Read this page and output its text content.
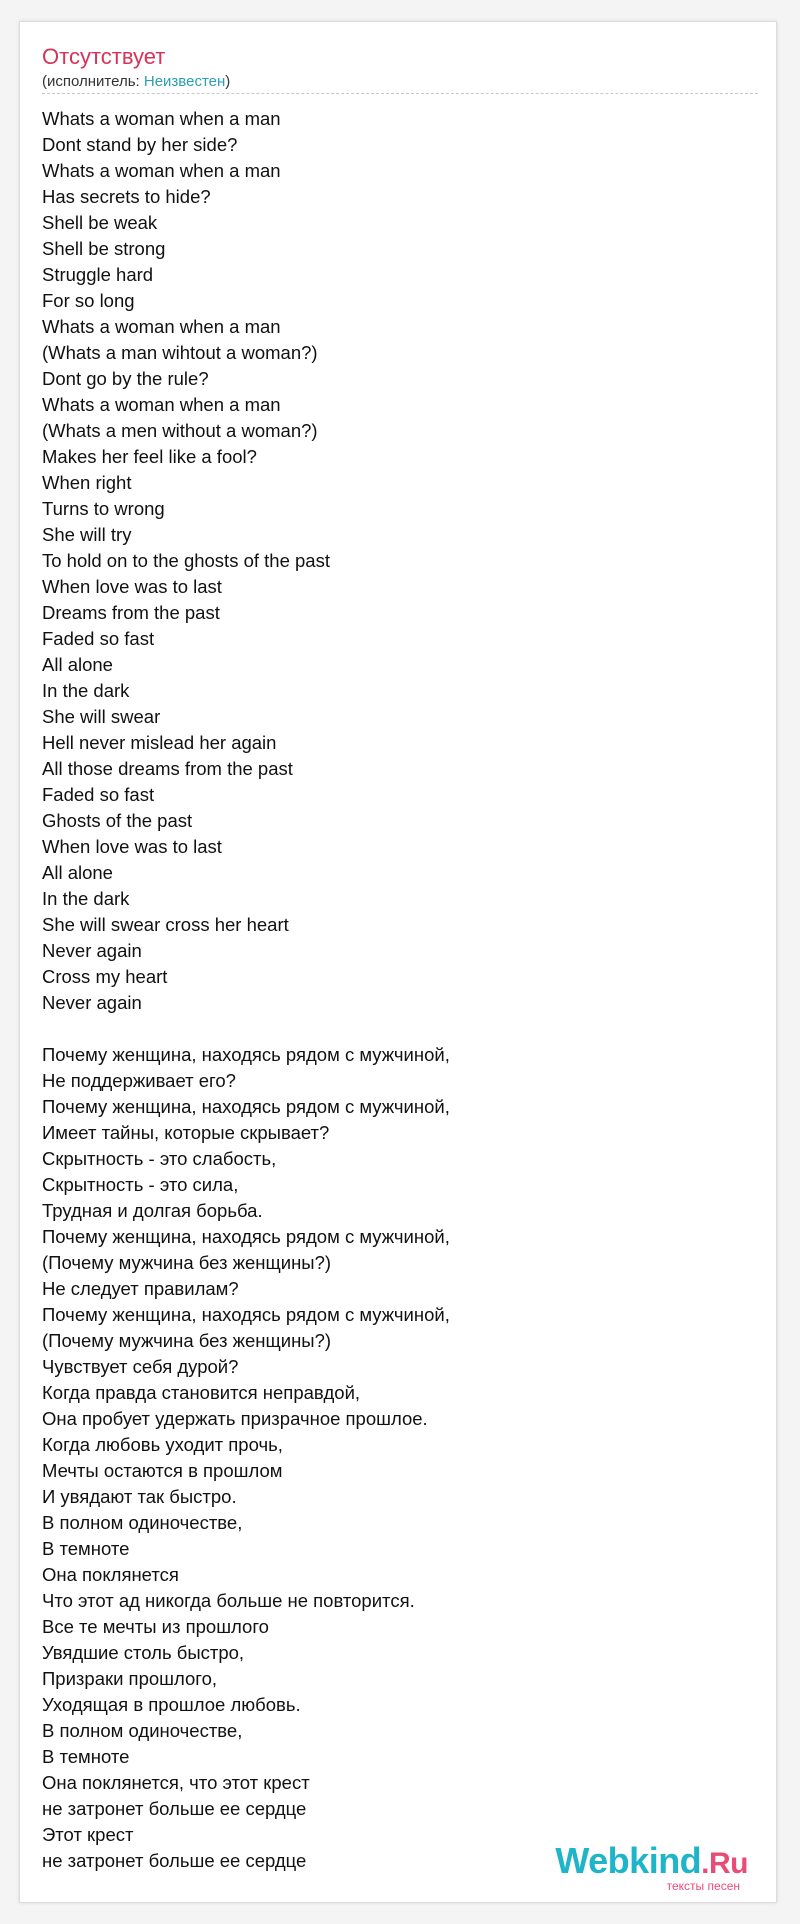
Отсутствует
(исполнитель: Неизвестен)
Whats a woman when a man
Dont stand by her side?
Whats a woman when a man
Has secrets to hide?
Shell be weak
Shell be strong
Struggle hard
For so long
Whats a woman when a man
(Whats a man wihtout a woman?)
Dont go by the rule?
Whats a woman when a man
(Whats a men without a woman?)
Makes her feel like a fool?
When right
Turns to wrong
She will try
To hold on to the ghosts of the past
When love was to last
Dreams from the past
Faded so fast
All alone
In the dark
She will swear
Hell never mislead her again
All those dreams from the past
Faded so fast
Ghosts of the past
When love was to last
All alone
In the dark
She will swear cross her heart
Never again
Cross my heart
Never again
Почему женщина, находясь рядом с мужчиной,
Не поддерживает его?
Почему женщина, находясь рядом с мужчиной,
Имеет тайны, которые скрывает?
Скрытность - это слабость,
Скрытность - это сила,
Трудная и долгая борьба.
Почему женщина, находясь рядом с мужчиной,
(Почему мужчина без женщины?)
Не следует правилам?
Почему женщина, находясь рядом с мужчиной,
(Почему мужчина без женщины?)
Чувствует себя дурой?
Когда правда становится неправдой,
Она пробует удержать призрачное прошлое.
Когда любовь уходит прочь,
Мечты остаются в прошлом
И увядают так быстро.
В полном одиночестве,
В темноте
Она поклянется
Что этот ад никогда больше не повторится.
Все те мечты из прошлого
Увядшие столь быстро,
Призраки прошлого,
Уходящая в прошлое любовь.
В полном одиночестве,
В темноте
Она поклянется, что этот крест
не затронет больше ее сердце
Этот крест
не затронет больше ее сердце	Webkind.Ru
тексты песен
